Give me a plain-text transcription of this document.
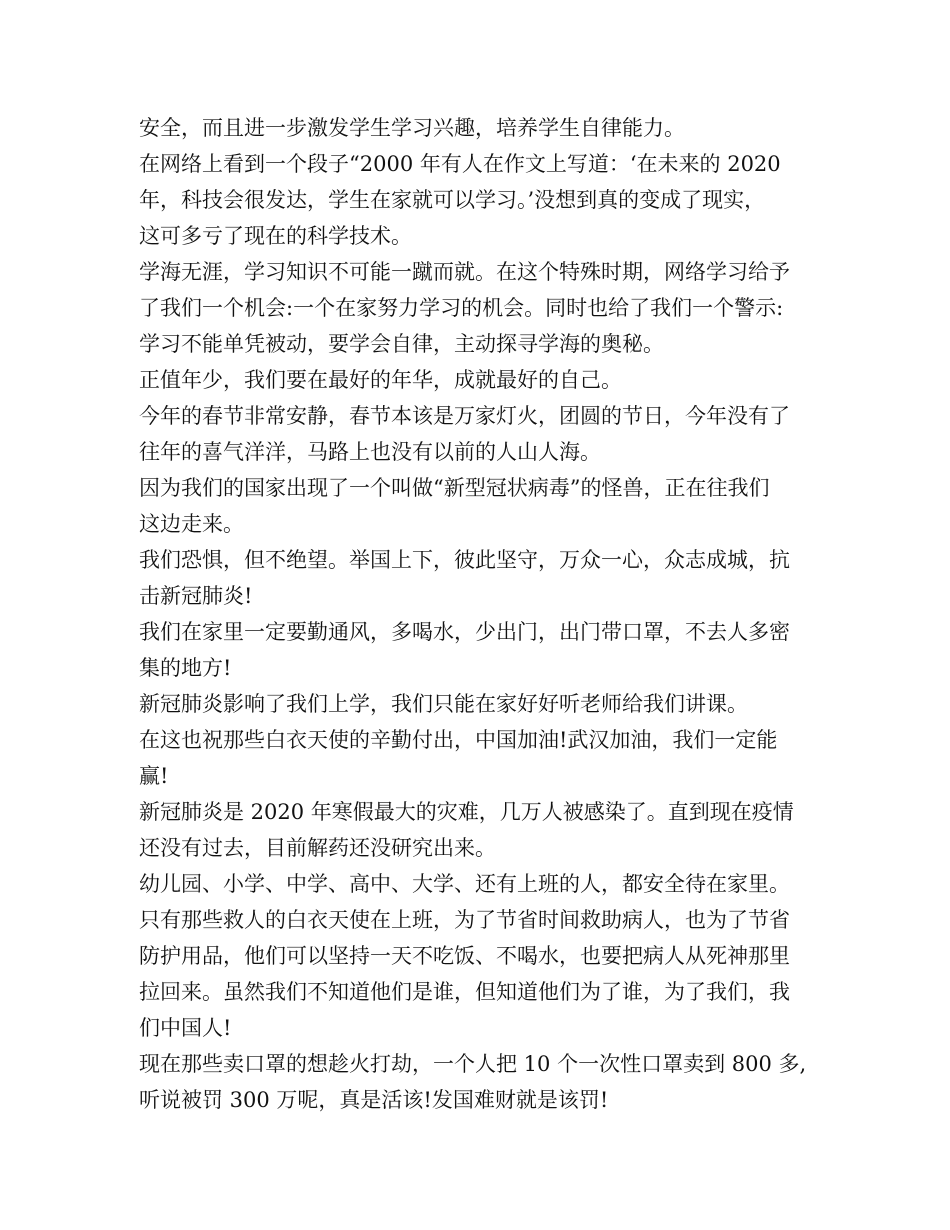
安全，而且进一步激发学生学习兴趣，培养学生自律能力。
在网络上看到一个段子“2000 年有人在作文上写道：‘在未来的 2020
年，科技会很发达，学生在家就可以学习。’没想到真的变成了现实，
这可多亏了现在的科学技术。
学海无涯，学习知识不可能一蹴而就。在这个特殊时期，网络学习给予
了我们一个机会:一个在家努力学习的机会。同时也给了我们一个警示:
学习不能单凭被动，要学会自律，主动探寻学海的奥秘。
正值年少，我们要在最好的年华，成就最好的自己。
今年的春节非常安静，春节本该是万家灯火，团圆的节日，今年没有了
往年的喜气洋洋，马路上也没有以前的人山人海。
因为我们的国家出现了一个叫做“新型冠状病毒”的怪兽，正在往我们
这边走来。
我们恐惧，但不绝望。举国上下，彼此坚守，万众一心，众志成城，抗
击新冠肺炎!
我们在家里一定要勤通风，多喝水，少出门，出门带口罩，不去人多密
集的地方!
新冠肺炎影响了我们上学，我们只能在家好好听老师给我们讲课。
在这也祝那些白衣天使的辛勤付出，中国加油!武汉加油，我们一定能
赢!
新冠肺炎是 2020 年寒假最大的灾难，几万人被感染了。直到现在疫情
还没有过去，目前解药还没研究出来。
幼儿园、小学、中学、高中、大学、还有上班的人，都安全待在家里。
只有那些救人的白衣天使在上班，为了节省时间救助病人，也为了节省
防护用品，他们可以坚持一天不吃饭、不喝水，也要把病人从死神那里
拉回来。虽然我们不知道他们是谁，但知道他们为了谁，为了我们，我
们中国人!
现在那些卖口罩的想趁火打劫，一个人把 10 个一次性口罩卖到 800 多,
听说被罚 300 万呢，真是活该!发国难财就是该罚!
